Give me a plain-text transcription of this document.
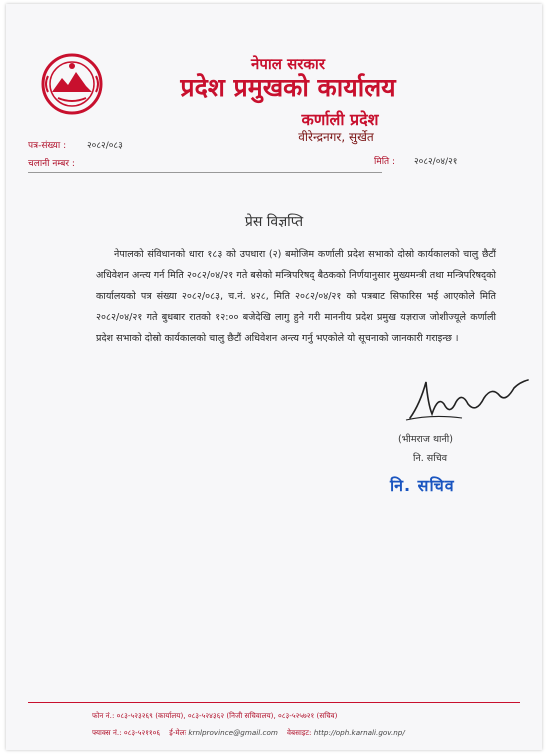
नेपाल सरकार
प्रदेश प्रमुखको कार्यालय
कर्णाली प्रदेश
वीरेन्द्रनगर, सुर्खेत
पत्र-संख्या : २०८२/०८३
चलानी नम्बर :	मिति : २०८२/०४/२१
प्रेस विज्ञप्ति

नेपालको संविधानको धारा १८३ को उपधारा (२) बमोजिम कर्णाली प्रदेश सभाको दोस्रो कार्यकालको चालु छैटौं अधिवेशन अन्त्य गर्न मिति २०८२/०४/२१ गते बसेको मन्त्रिपरिषद् बैठकको निर्णयानुसार मुख्यमन्त्री तथा मन्त्रिपरिषद्को कार्यालयको पत्र संख्या २०८२/०८३, च.नं. ४२८, मिति २०८२/०४/२१ को पत्रबाट सिफारिस भई आएकोले मिति २०८२/०४/२१ गते बुधबार रातको १२:०० बजेदेखि लागु हुने गरी माननीय प्रदेश प्रमुख यज्ञराज जोशीज्यूले कर्णाली प्रदेश सभाको दोस्रो कार्यकालको चालु छैटौं अधिवेशन अन्त्य गर्नु भएकोले यो सूचनाको जानकारी गराइन्छ ।

(भीमराज थानी)
नि. सचिव
नि. सचिव
फोन नं.: ०८३-५२३२६९ (कार्यालय), ०८३-५२४३६२ (निजी सचिवालय), ०८३-५२५७२१ (सचिव)
फ्याक्स नं.: ०८३-५२११०६ ई-मेलः krnlprovince@gmail.com वेबसाइट: http://oph.karnali.gov.np/
